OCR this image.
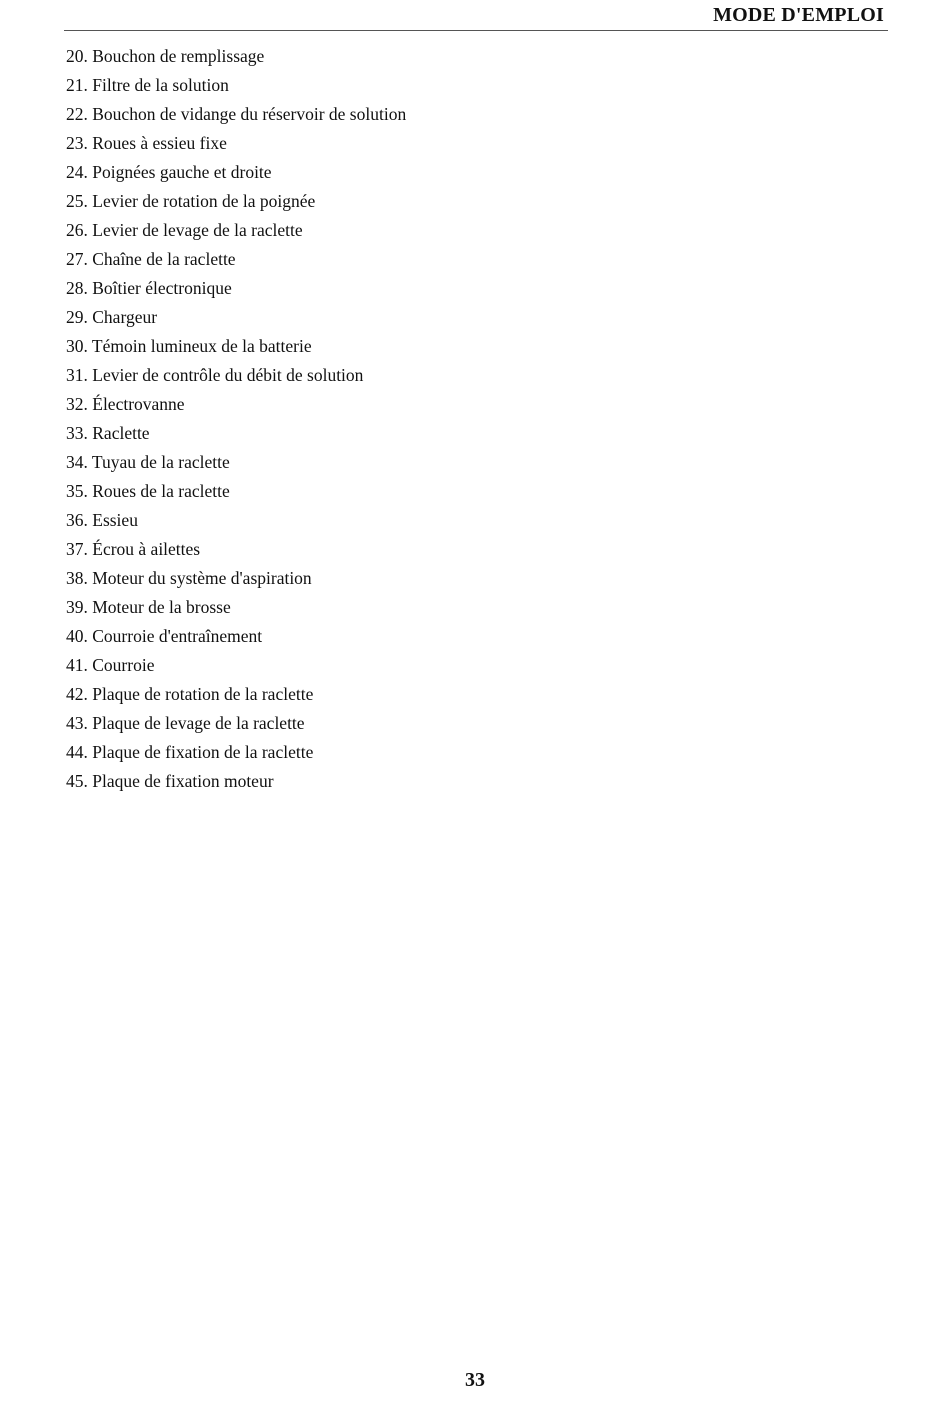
MODE D'EMPLOI
20. Bouchon de remplissage
21. Filtre de la solution
22. Bouchon de vidange du réservoir de solution
23. Roues à essieu fixe
24. Poignées gauche et droite
25. Levier de rotation de la poignée
26. Levier de levage de la raclette
27. Chaîne de la raclette
28. Boîtier électronique
29. Chargeur
30. Témoin lumineux de la batterie
31. Levier de contrôle du débit de solution
32. Électrovanne
33. Raclette
34. Tuyau de la raclette
35. Roues de la raclette
36. Essieu
37. Écrou à ailettes
38. Moteur du système d'aspiration
39. Moteur de la brosse
40. Courroie d'entraînement
41. Courroie
42. Plaque de rotation de la raclette
43. Plaque de levage de la raclette
44. Plaque de fixation de la raclette
45. Plaque de fixation moteur
33
